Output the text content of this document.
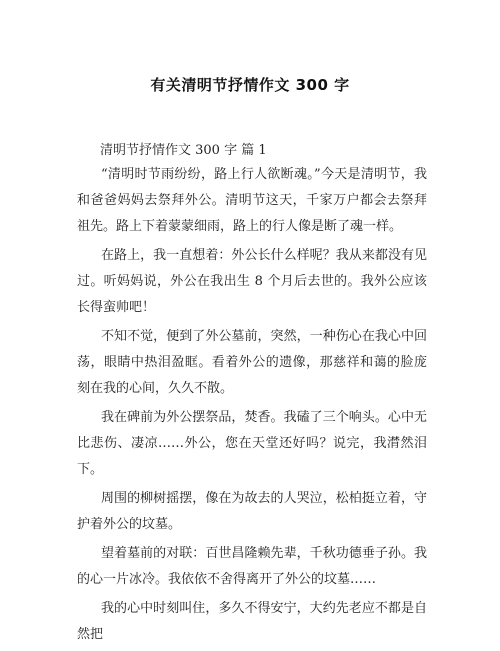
有关清明节抒情作文 300 字
清明节抒情作文 300 字 篇 1

“清明时节雨纷纷，路上行人欲断魂。”今天是清明节，我和爸爸妈妈去祭拜外公。清明节这天，千家万户都会去祭拜祖先。路上下着蒙蒙细雨，路上的行人像是断了魂一样。

在路上，我一直想着：外公长什么样呢？我从来都没有见过。听妈妈说，外公在我出生 8 个月后去世的。我外公应该长得蛮帅吧！

不知不觉，便到了外公墓前，突然，一种伤心在我心中回荡，眼睛中热泪盈眶。看着外公的遗像，那慈祥和蔼的脸庞刻在我的心间，久久不散。

我在碑前为外公摆祭品，焚香。我磕了三个响头。心中无比悲伤、凄凉……外公，您在天堂还好吗？说完，我潸然泪下。

周围的柳树摇摆，像在为故去的人哭泣，松柏挺立着，守护着外公的坟墓。

望着墓前的对联：百世昌隆赖先辈，千秋功德垂子孙。我的心一片冰冷。我依依不舍得离开了外公的坟墓……

我的心中时刻叫住，多久不得安宁，大约先老应不都是自然把
